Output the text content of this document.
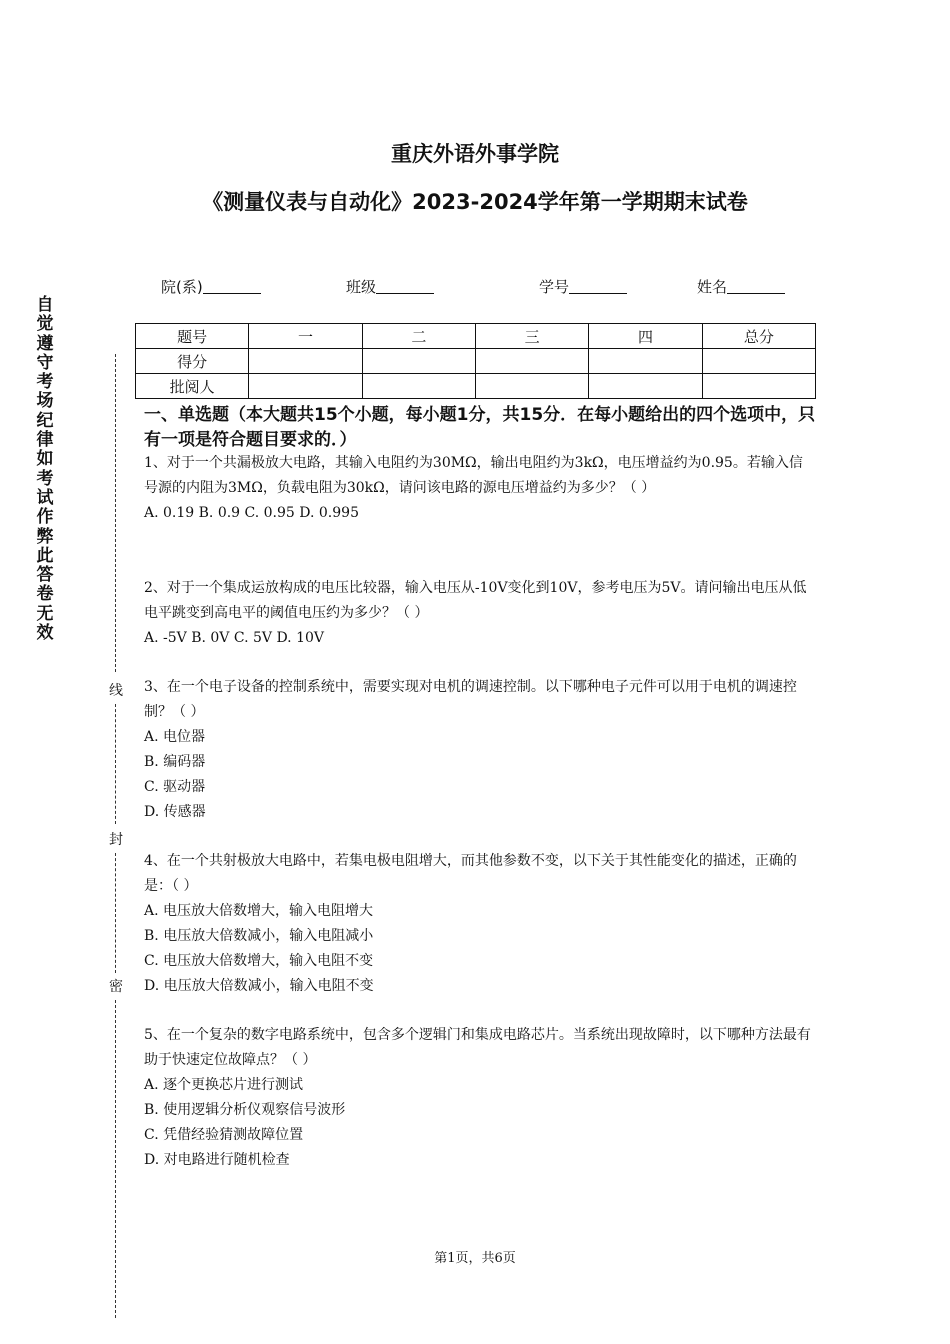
重庆外语外事学院
《测量仪表与自动化》2023-2024学年第一学期期末试卷
院(系)	班级	学号	姓名
题号	一	二	三	四	总分
得分					
批阅人					
自觉遵守考场纪律如考试作弊此答卷无效
线
封
密
一、单选题（本大题共15个小题，每小题1分，共15分．在每小题给出的四个选项中，只有一项是符合题目要求的．）

1、对于一个共漏极放大电路，其输入电阻约为30MΩ，输出电阻约为3kΩ，电压增益约为0.95。若输入信号源的内阻为3MΩ，负载电阻为30kΩ，请问该电路的源电压增益约为多少？（ ）

A. 0.19 B. 0.9 C. 0.95 D. 0.995

2、对于一个集成运放构成的电压比较器，输入电压从-10V变化到10V，参考电压为5V。请问输出电压从低电平跳变到高电平的阈值电压约为多少？（ ）

A. -5V B. 0V C. 5V D. 10V

3、在一个电子设备的控制系统中，需要实现对电机的调速控制。以下哪种电子元件可以用于电机的调速控制？（ ）

A. 电位器

B. 编码器

C. 驱动器

D. 传感器

4、在一个共射极放大电路中，若集电极电阻增大，而其他参数不变，以下关于其性能变化的描述，正确的是：（ ）

A. 电压放大倍数增大，输入电阻增大

B. 电压放大倍数减小，输入电阻减小

C. 电压放大倍数增大，输入电阻不变

D. 电压放大倍数减小，输入电阻不变

5、在一个复杂的数字电路系统中，包含多个逻辑门和集成电路芯片。当系统出现故障时，以下哪种方法最有助于快速定位故障点？（ ）

A. 逐个更换芯片进行测试

B. 使用逻辑分析仪观察信号波形

C. 凭借经验猜测故障位置

D. 对电路进行随机检查

第1页，共6页
